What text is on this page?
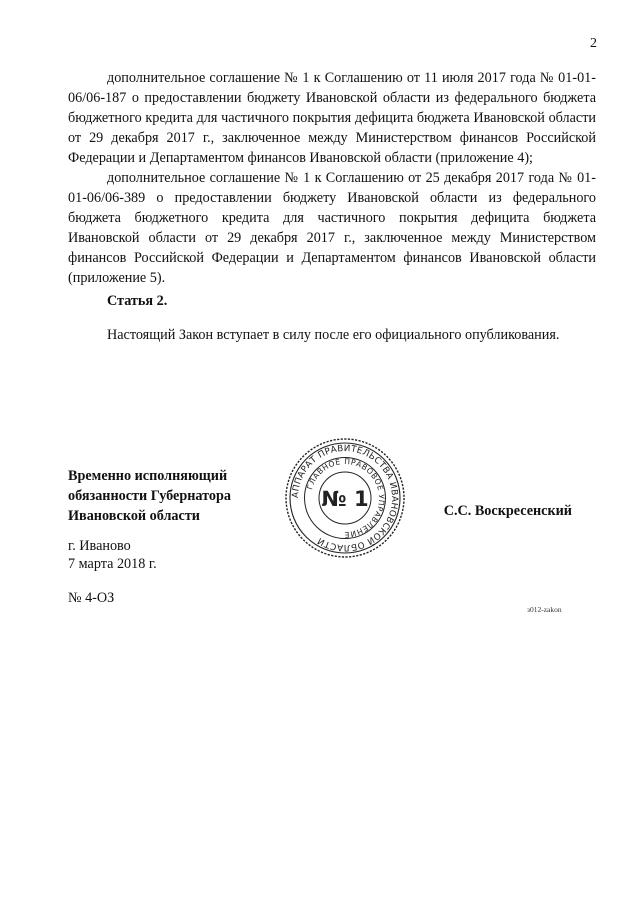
2

дополнительное соглашение № 1 к Соглашению от 11 июля 2017 года № 01-01-06/06-187 о предоставлении бюджету Ивановской области из федерального бюджета бюджетного кредита для частичного покрытия дефицита бюджета Ивановской области от 29 декабря 2017 г., заключенное между Министерством финансов Российской Федерации и Департаментом финансов Ивановской области (приложение 4);

дополнительное соглашение № 1 к Соглашению от 25 декабря 2017 года № 01-01-06/06-389 о предоставлении бюджету Ивановской области из федерального бюджета бюджетного кредита для частичного покрытия дефицита бюджета Ивановской области от 29 декабря 2017 г., заключенное между Министерством финансов Российской Федерации и Департаментом финансов Ивановской области (приложение 5).

Статья 2.
Настоящий Закон вступает в силу после его официального опубликования.
Временно исполняющий
обязанности Губернатора
Ивановской области
АППАРАТ ПРАВИТЕЛЬСТВА ИВАНОВСКОЙ ОБЛАСТИ
ГЛАВНОЕ ПРАВОВОЕ УПРАВЛЕНИЕ
№ 1	С.С. Воскресенский
г. Иваново
7 марта 2018 г.
№ 4-ОЗ
з012-zakon
